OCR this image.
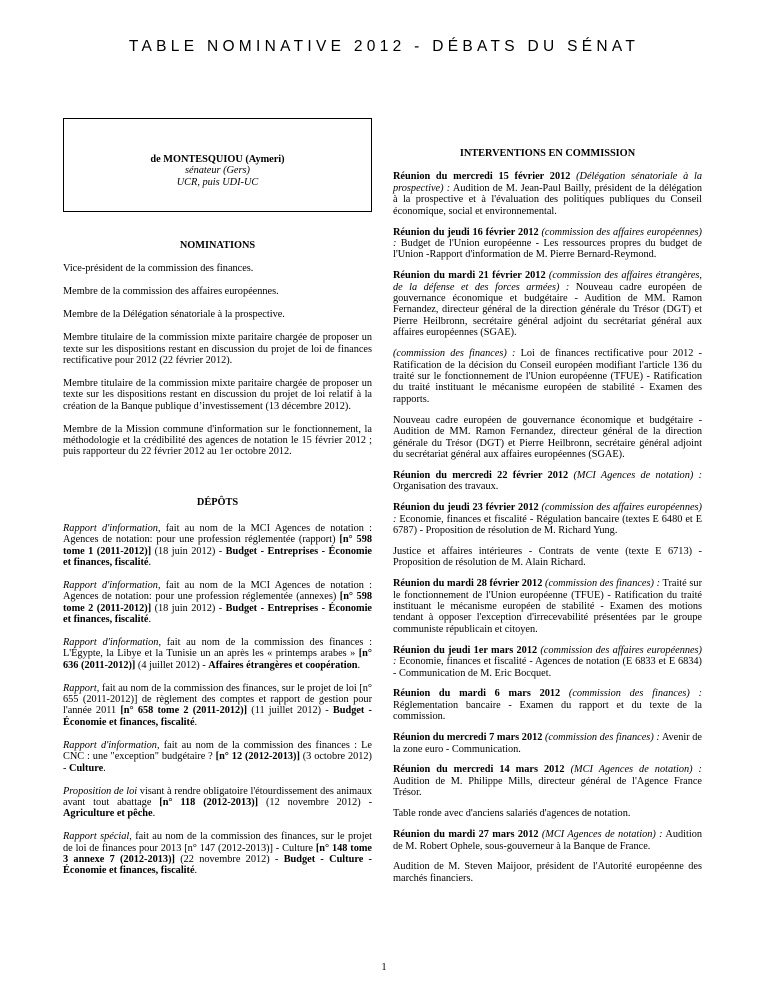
TABLE NOMINATIVE 2012 - DÉBATS DU SÉNAT
de MONTESQUIOU (Aymeri)
sénateur (Gers)
UCR, puis UDI-UC

NOMINATIONS

Vice-président de la commission des finances.

Membre de la commission des affaires européennes.

Membre de la Délégation sénatoriale à la prospective.

Membre titulaire de la commission mixte paritaire chargée de proposer un texte sur les dispositions restant en discussion du projet de loi de finances rectificative pour 2012 (22 février 2012).

Membre titulaire de la commission mixte paritaire chargée de proposer un texte sur les dispositions restant en discussion du projet de loi relatif à la création de la Banque publique d’investissement (13 décembre 2012).

Membre de la Mission commune d'information sur le fonctionnement, la méthodologie et la crédibilité des agences de notation le 15 février 2012 ; puis rapporteur du 22 février 2012 au 1er octobre 2012.

DÉPÔTS

Rapport d'information, fait au nom de la MCI Agences de notation : Agences de notation: pour une profession réglementée (rapport) [n° 598 tome 1 (2011-2012)] (18 juin 2012) - Budget - Entreprises - Économie et finances, fiscalité.

Rapport d'information, fait au nom de la MCI Agences de notation : Agences de notation: pour une profession réglementée (annexes) [n° 598 tome 2 (2011-2012)] (18 juin 2012) - Budget - Entreprises - Économie et finances, fiscalité.

Rapport d'information, fait au nom de la commission des finances : L'Égypte, la Libye et la Tunisie un an après les « printemps arabes » [n° 636 (2011-2012)] (4 juillet 2012) - Affaires étrangères et coopération.

Rapport, fait au nom de la commission des finances, sur le projet de loi [n° 655 (2011-2012)] de règlement des comptes et rapport de gestion pour l'année 2011 [n° 658 tome 2 (2011-2012)] (11 juillet 2012) - Budget - Économie et finances, fiscalité.

Rapport d'information, fait au nom de la commission des finances : Le CNC : une "exception" budgétaire ? [n° 12 (2012-2013)] (3 octobre 2012) - Culture.

Proposition de loi visant à rendre obligatoire l'étourdissement des animaux avant tout abattage [n° 118 (2012-2013)] (12 novembre 2012) - Agriculture et pêche.

Rapport spécial, fait au nom de la commission des finances, sur le projet de loi de finances pour 2013 [n° 147 (2012-2013)] - Culture [n° 148 tome 3 annexe 7 (2012-2013)] (22 novembre 2012) - Budget - Culture - Économie et finances, fiscalité.

INTERVENTIONS EN COMMISSION

Réunion du mercredi 15 février 2012 (Délégation sénatoriale à la prospective) : Audition de M. Jean-Paul Bailly, président de la délégation à la prospective et à l'évaluation des politiques publiques du Conseil économique, social et environnemental.

Réunion du jeudi 16 février 2012 (commission des affaires européennes) : Budget de l'Union européenne - Les ressources propres du budget de l'Union -Rapport d'information de M. Pierre Bernard-Reymond.

Réunion du mardi 21 février 2012 (commission des affaires étrangères, de la défense et des forces armées) : Nouveau cadre européen de gouvernance économique et budgétaire - Audition de MM. Ramon Fernandez, directeur général de la direction générale du Trésor (DGT) et Pierre Heilbronn, secrétaire général adjoint du secrétariat général aux affaires européennes (SGAE).

(commission des finances) : Loi de finances rectificative pour 2012 - Ratification de la décision du Conseil européen modifiant l'article 136 du traité sur le fonctionnement de l'Union européenne (TFUE) - Ratification du traité instituant le mécanisme européen de stabilité - Examen des rapports.

Nouveau cadre européen de gouvernance économique et budgétaire - Audition de MM. Ramon Fernandez, directeur général de la direction générale du Trésor (DGT) et Pierre Heilbronn, secrétaire général adjoint du secrétariat général aux affaires européennes (SGAE).

Réunion du mercredi 22 février 2012 (MCI Agences de notation) : Organisation des travaux.

Réunion du jeudi 23 février 2012 (commission des affaires européennes) : Economie, finances et fiscalité - Régulation bancaire (textes E 6480 et E 6787) - Proposition de résolution de M. Richard Yung.

Justice et affaires intérieures - Contrats de vente (texte E 6713) - Proposition de résolution de M. Alain Richard.

Réunion du mardi 28 février 2012 (commission des finances) : Traité sur le fonctionnement de l'Union européenne (TFUE) - Ratification du traité instituant le mécanisme européen de stabilité - Examen des motions tendant à opposer l'exception d'irrecevabilité présentées par le groupe communiste républicain et citoyen.

Réunion du jeudi 1er mars 2012 (commission des affaires européennes) : Economie, finances et fiscalité - Agences de notation (E 6833 et E 6834) - Communication de M. Eric Bocquet.

Réunion du mardi 6 mars 2012 (commission des finances) : Réglementation bancaire - Examen du rapport et du texte de la commission.

Réunion du mercredi 7 mars 2012 (commission des finances) : Avenir de la zone euro - Communication.

Réunion du mercredi 14 mars 2012 (MCI Agences de notation) : Audition de M. Philippe Mills, directeur général de l'Agence France Trésor.

Table ronde avec d'anciens salariés d'agences de notation.

Réunion du mardi 27 mars 2012 (MCI Agences de notation) : Audition de M. Robert Ophele, sous-gouverneur à la Banque de France.

Audition de M. Steven Maijoor, président de l'Autorité européenne des marchés financiers.

1
